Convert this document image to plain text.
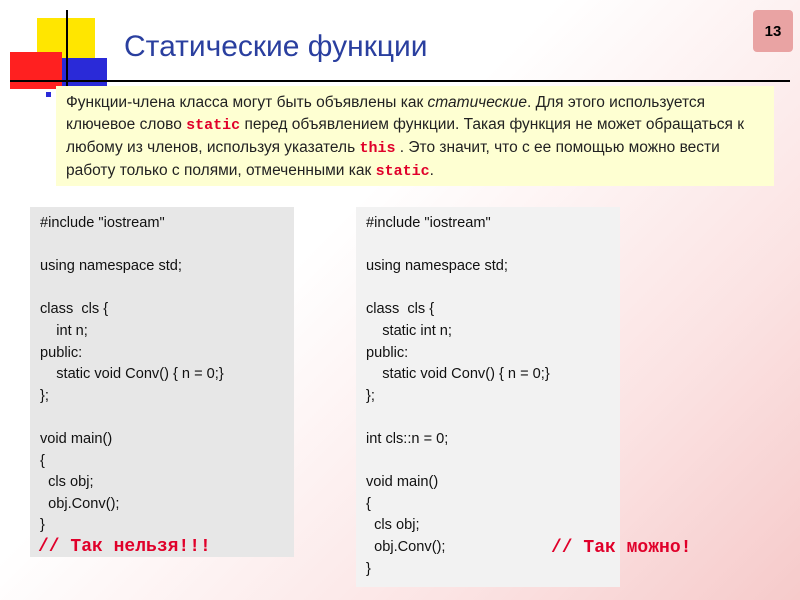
Статические функции	13
Функции-члена класса могут быть объявлены как статические. Для этого используется ключевое слово static перед объявлением функции. Такая функция не может обращаться к любому из членов, используя указатель this . Это значит, что с ее помощью можно вести работу только с полями, отмеченными как static.
#include "iostream"

using namespace std;

class  cls {
int n;
public:
static void Conv() { n = 0;}
};

void main()
{
cls obj;
obj.Conv();
}
// Так нельзя!!!
#include "iostream"

using namespace std;

class  cls {
static int n;
public:
static void Conv() { n = 0;}
};

int cls::n = 0;

void main()
{
cls obj;
obj.Conv();
}
// Так можно!
